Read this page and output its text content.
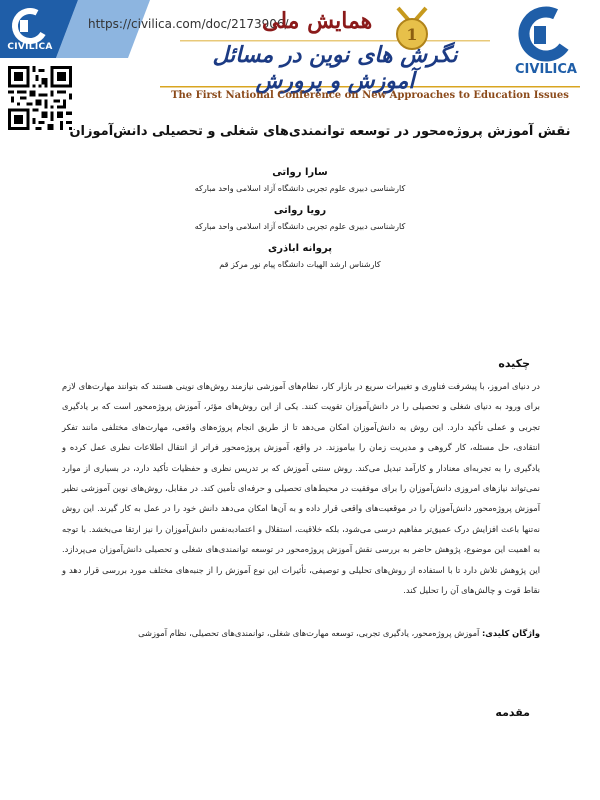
CIVILICA
https://civilica.com/doc/2173906/
همایش ملی
1
نگرش های نوین در مسائل آموزش و پرورش
The First National Conference on New Approaches to Education Issues
CIVILICA
نقش آموزش پروژه‌محور در توسعه توانمندی‌های شغلی و تحصیلی دانش‌آموزان
سارا رواتی
کارشناسی دبیری علوم تجربی دانشگاه آزاد اسلامی واحد مبارکه
رویا رواتی
کارشناسی دبیری علوم تجربی دانشگاه آزاد اسلامی واحد مبارکه
پروانه اباذری
کارشناس ارشد الهیات دانشگاه پیام نور مرکز قم
چکیده
در دنیای امروز، با پیشرفت فناوری و تغییرات سریع در بازار کار، نظام‌های آموزشی نیازمند روش‌های نوینی هستند که بتوانند مهارت‌های لازم برای ورود به دنیای شغلی و تحصیلی را در دانش‌آموزان تقویت کنند. یکی از این روش‌های مؤثر، آموزش پروژه‌محور است که بر یادگیری تجربی و عملی تأکید دارد. این روش به دانش‌آموزان امکان می‌دهد تا از طریق انجام پروژه‌های واقعی، مهارت‌های مختلفی مانند تفکر انتقادی، حل مسئله، کار گروهی و مدیریت زمان را بیاموزند. در واقع، آموزش پروژه‌محور فراتر از انتقال اطلاعات نظری عمل کرده و یادگیری را به تجربه‌ای معنادار و کارآمد تبدیل می‌کند. روش سنتی آموزش که بر تدریس نظری و حفظیات تأکید دارد، در بسیاری از موارد نمی‌تواند نیازهای امروزی دانش‌آموزان را برای موفقیت در محیط‌های تحصیلی و حرفه‌ای تأمین کند. در مقابل، روش‌های نوین آموزشی نظیر آموزش پروژه‌محور دانش‌آموزان را در موقعیت‌های واقعی قرار داده و به آن‌ها امکان می‌دهد دانش خود را در عمل به کار گیرند. این روش نه‌تنها باعث افزایش درک عمیق‌تر مفاهیم درسی می‌شود، بلکه خلاقیت، استقلال و اعتمادبه‌نفس دانش‌آموزان را نیز ارتقا می‌بخشد. با توجه به اهمیت این موضوع، پژوهش حاضر به بررسی نقش آموزش پروژه‌محور در توسعه توانمندی‌های شغلی و تحصیلی دانش‌آموزان می‌پردازد. این پژوهش تلاش دارد تا با استفاده از روش‌های تحلیلی و توصیفی، تأثیرات این نوع آموزش را از جنبه‌های مختلف مورد بررسی قرار دهد و نقاط قوت و چالش‌های آن را تحلیل کند.
واژگان کلیدی: آموزش پروژه‌محور، یادگیری تجربی، توسعه مهارت‌های شغلی، توانمندی‌های تحصیلی، نظام آموزشی
مقدمه
